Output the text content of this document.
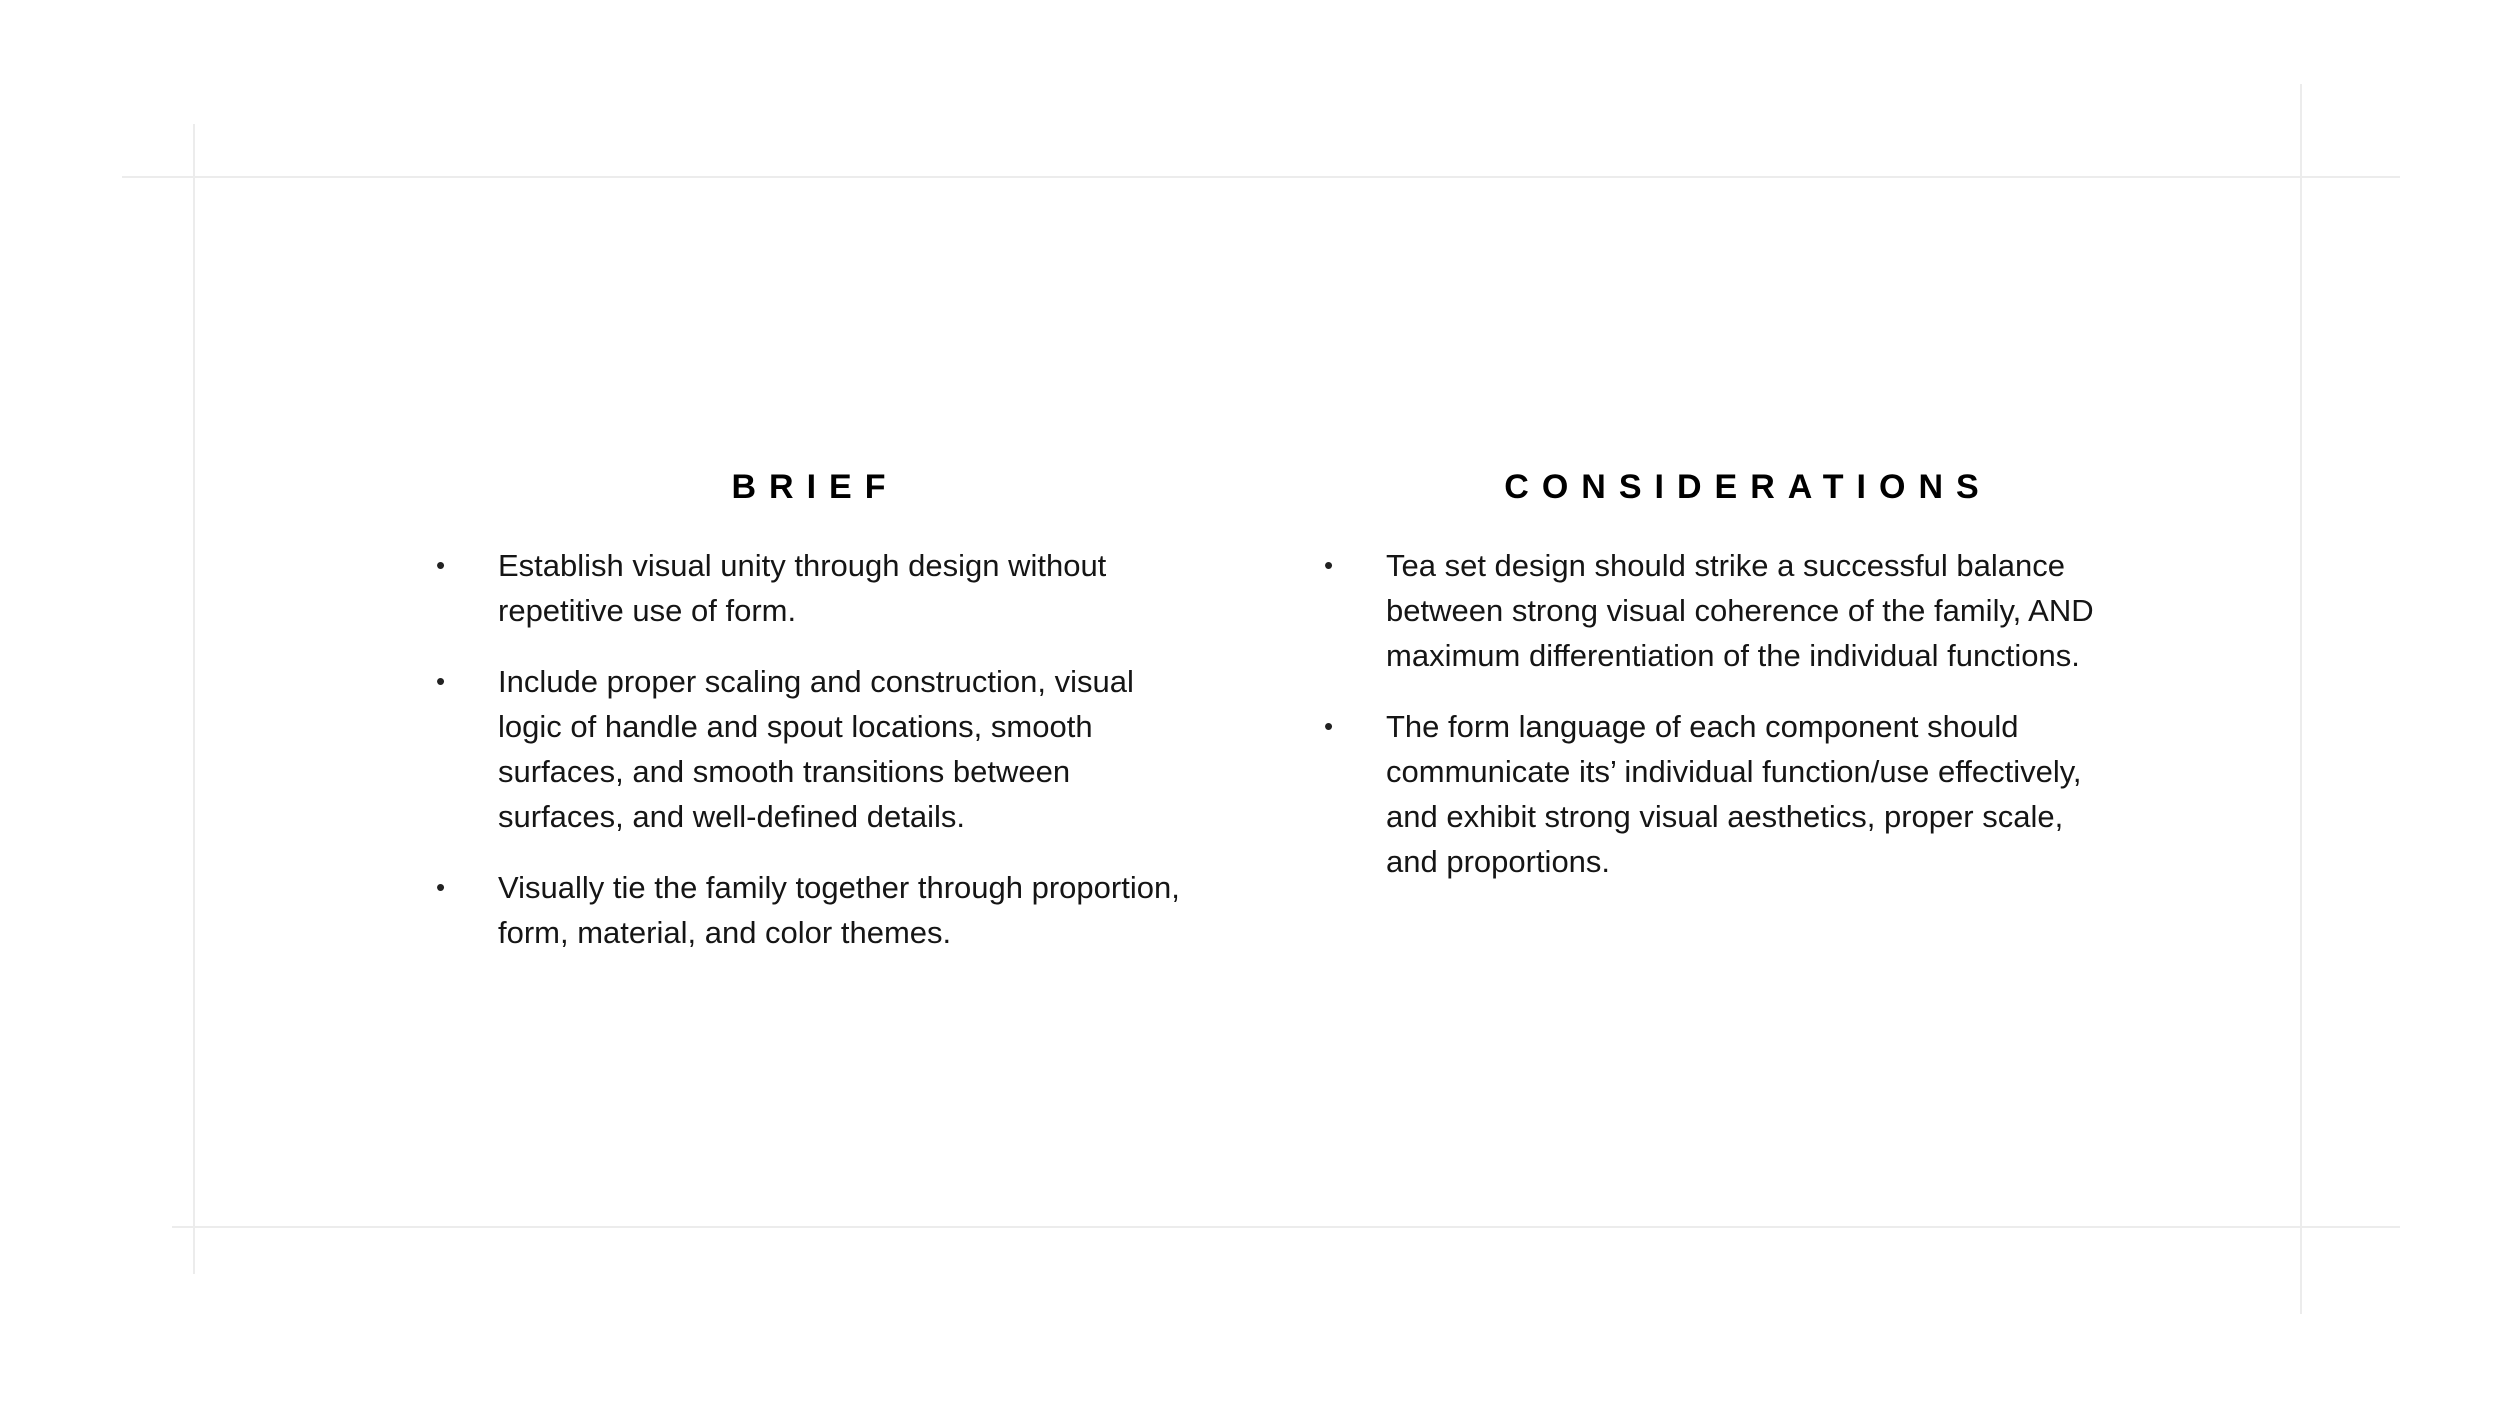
BRIEF
• Establish visual unity through design without repetitive use of form.
• Include proper scaling and construction, visual logic of handle and spout locations, smooth surfaces, and smooth transitions between surfaces, and well-defined details.
• Visually tie the family together through proportion, form, material, and color themes.
CONSIDERATIONS
• Tea set design should strike a successful balance between strong visual coherence of the family, AND maximum differentiation of the individual functions.
• The form language of each component should communicate its’ individual function/use effectively, and exhibit strong visual aesthetics, proper scale, and proportions.
